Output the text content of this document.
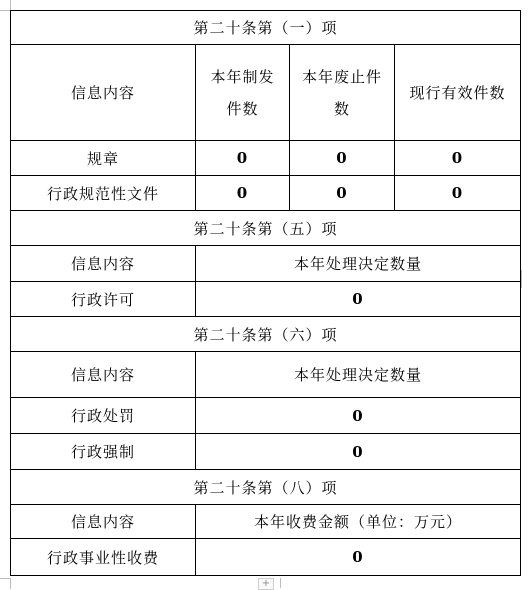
第二十条第（一）项			
信息内容	本年制发件数	本年废止件数	现行有效件数
规章	0	0	0
行政规范性文件	0	0	0
第二十条第（五）项			
信息内容	本年处理决定数量		
行政许可	0		
第二十条第（六）项			
信息内容	本年处理决定数量		
行政处罚	0		
行政强制	0		
第二十条第（八）项			
信息内容	本年收费金额（单位：万元）		
行政事业性收费	0		
+
